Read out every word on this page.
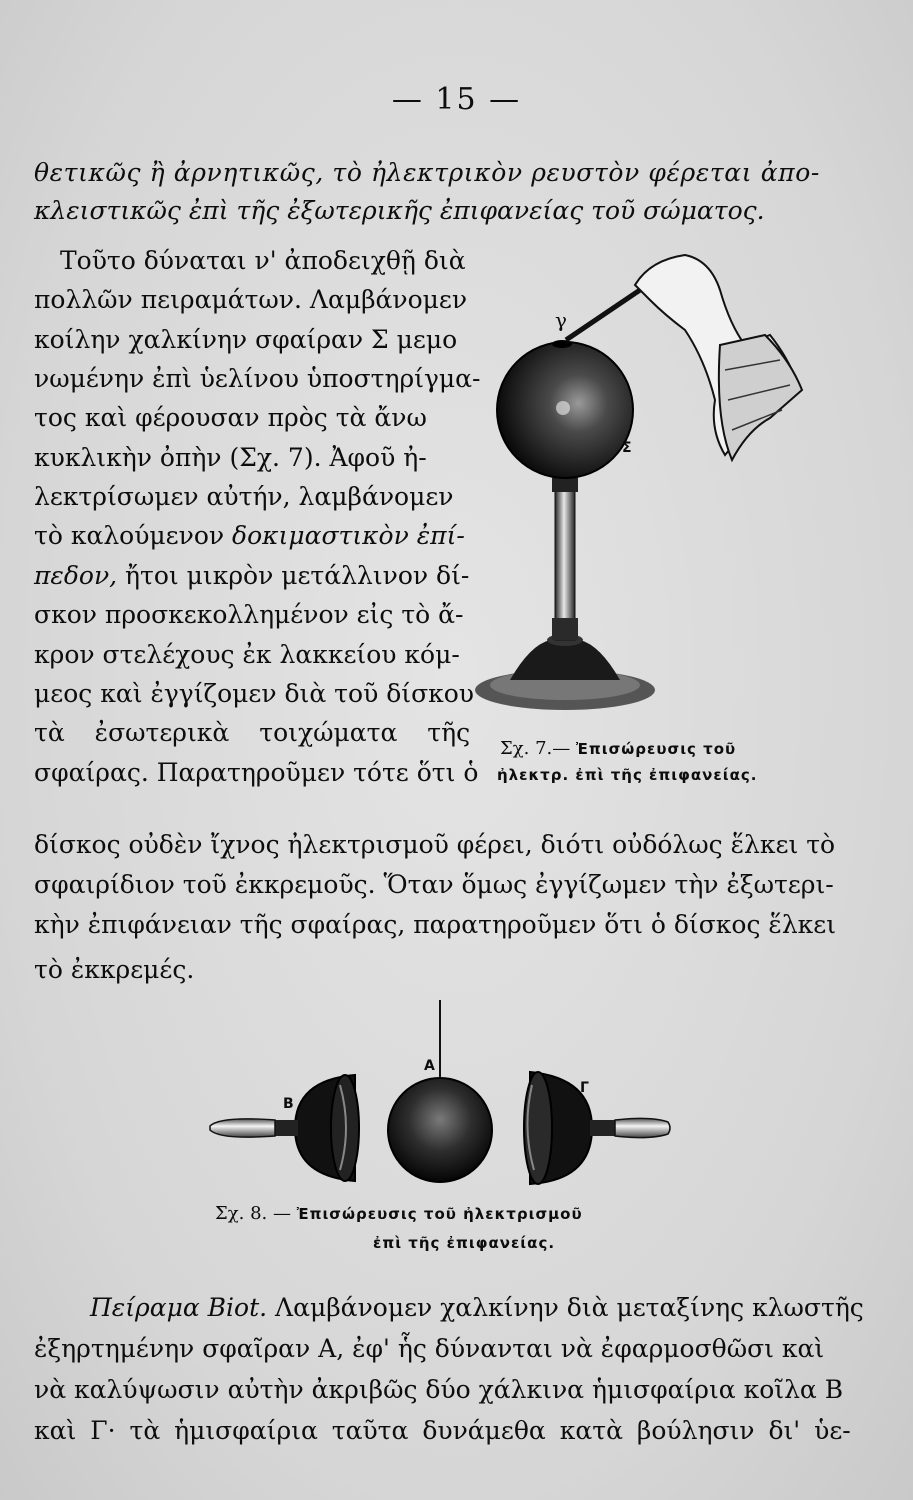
— 15 —
θετικῶς ἢ ἀρνητικῶς, τὸ ἠλεκτρικὸν ρευστὸν φέρεται ἀπο-
κλειστικῶς ἐπὶ τῆς ἐξωτερικῆς ἐπιφανείας τοῦ σώματος.
Τοῦτο δύναται ν' ἀποδειχθῇ διὰ
πολλῶν πειραμάτων. Λαμβάνομεν
κοίλην χαλκίνην σφαίραν Σ μεμο
νωμένην ἐπὶ ὑελίνου ὑποστηρίγμα-
τος καὶ φέρουσαν πρὸς τὰ ἄνω
κυκλικὴν ὀπὴν (Σχ. 7). Ἀφοῦ ἠ-
λεκτρίσωμεν αὐτήν, λαμβάνομεν
τὸ καλούμενον δοκιμαστικὸν ἐπί-
πεδον, ἤτοι μικρὸν μετάλλινον δί-
σκον προσκεκολλημένον εἰς τὸ ἄ-
κρον στελέχους ἐκ λακκείου κόμ-
μεος καὶ ἐγγίζομεν διὰ τοῦ δίσκου
τὰ ἐσωτερικὰ τοιχώματα τῆς
σφαίρας. Παρατηροῦμεν τότε ὅτι ὁ
γ
Σ
Σχ. 7.— Ἐπισώρευσις τοῦ
ἠλεκτρ. ἐπὶ τῆς ἐπιφανείας.
δίσκος οὐδὲν ἴχνος ἠλεκτρισμοῦ φέρει, διότι οὐδόλως ἕλκει τὸ
σφαιρίδιον τοῦ ἐκκρεμοῦς. Ὅταν ὅμως ἐγγίζωμεν τὴν ἐξωτερι-
κὴν ἐπιφάνειαν τῆς σφαίρας, παρατηροῦμεν ὅτι ὁ δίσκος ἕλκει
τὸ ἐκκρεμές.
Α
Β
Γ
Σχ. 8. — Ἐπισώρευσις τοῦ ἠλεκτρισμοῦ
ἐπὶ τῆς ἐπιφανείας.
Πείραμα Biot. Λαμβάνομεν χαλκίνην διὰ μεταξίνης κλωστῆς
ἐξηρτημένην σφαῖραν Α, ἐφ' ἧς δύνανται νὰ ἐφαρμοσθῶσι καὶ
νὰ καλύψωσιν αὐτὴν ἀκριβῶς δύο χάλκινα ἡμισφαίρια κοῖλα Β
καὶ Γ· τὰ ἡμισφαίρια ταῦτα δυνάμεθα κατὰ βούλησιν δι' ὑε-
